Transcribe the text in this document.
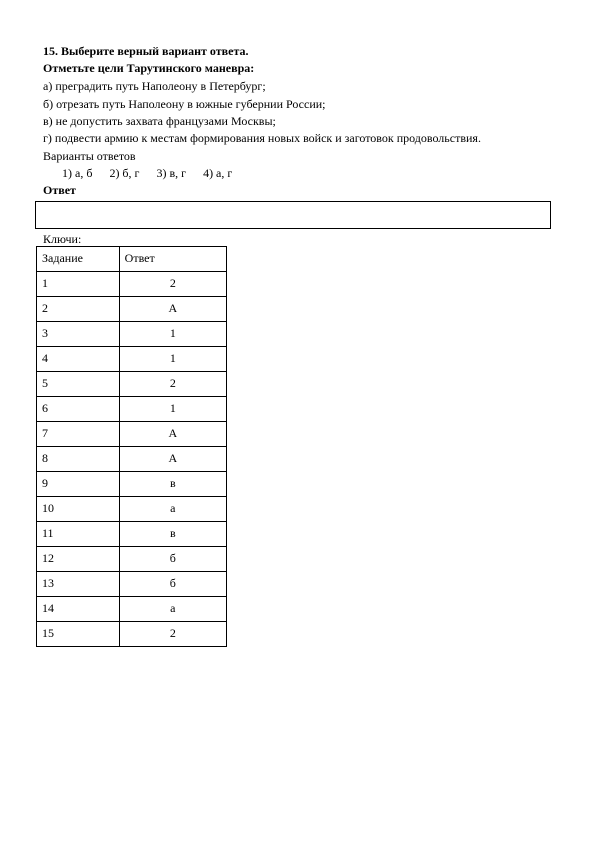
15. Выберите верный вариант ответа.
Отметьте цели Тарутинского маневра:
а) преградить путь Наполеону в Петербург;
б) отрезать путь Наполеону в южные губернии России;
в) не допустить захвата французами Москвы;
г) подвести армию к местам формирования новых войск и заготовок продовольствия.
Варианты ответов
1) а, б 2) б, г 3) в, г 4) а, г
Ответ
Ключи:
Задание	Ответ
1	2
2	А
3	1
4	1
5	2
6	1
7	А
8	А
9	в
10	а
11	в
12	б
13	б
14	а
15	2
